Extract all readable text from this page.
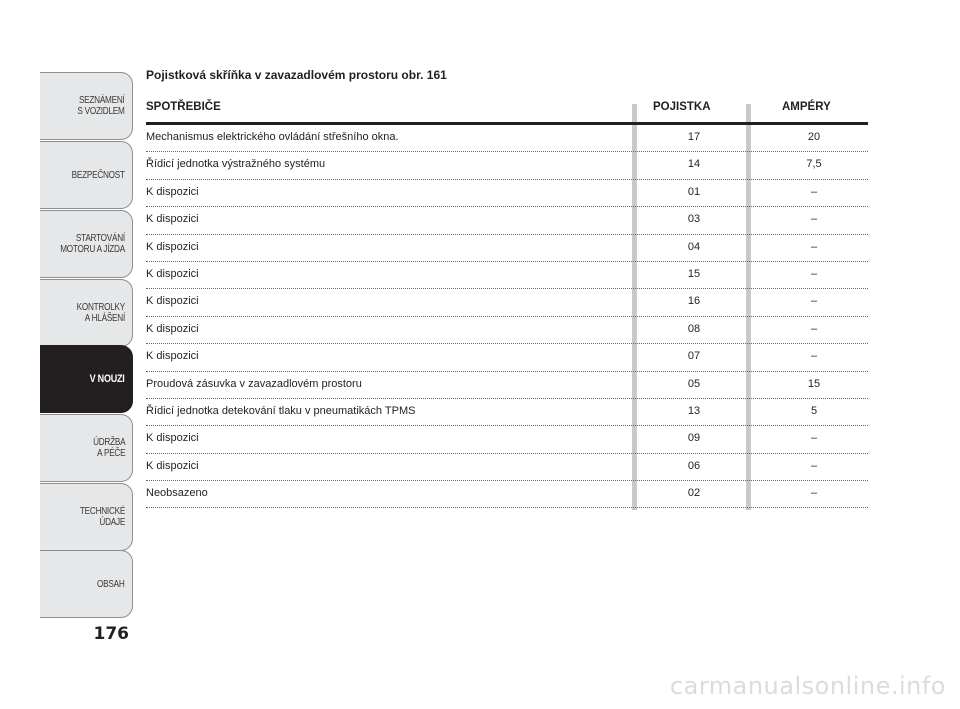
SEZNÁMENÍ
S VOZIDLEM
BEZPEČNOST
STARTOVÁNÍ
MOTORU A JÍZDA
KONTROLKY
A HLÁŠENÍ
V NOUZI
ÚDRŽBA
A PÉČE
TECHNICKÉ
ÚDAJE
OBSAH
176
Pojistková skříňka v zavazadlovém prostoru obr. 161
SPOTŘEBIČE	POJISTKA	AMPÉRY
Mechanismus elektrického ovládání střešního okna.	17	20
Řídicí jednotka výstražného systému	14	7,5
K dispozici	01	–
K dispozici	03	–
K dispozici	04	–
K dispozici	15	–
K dispozici	16	–
K dispozici	08	–
K dispozici	07	–
Proudová zásuvka v zavazadlovém prostoru	05	15
Řídicí jednotka detekování tlaku v pneumatikách TPMS	13	5
K dispozici	09	–
K dispozici	06	–
Neobsazeno	02	–
carmanualsonline.info
